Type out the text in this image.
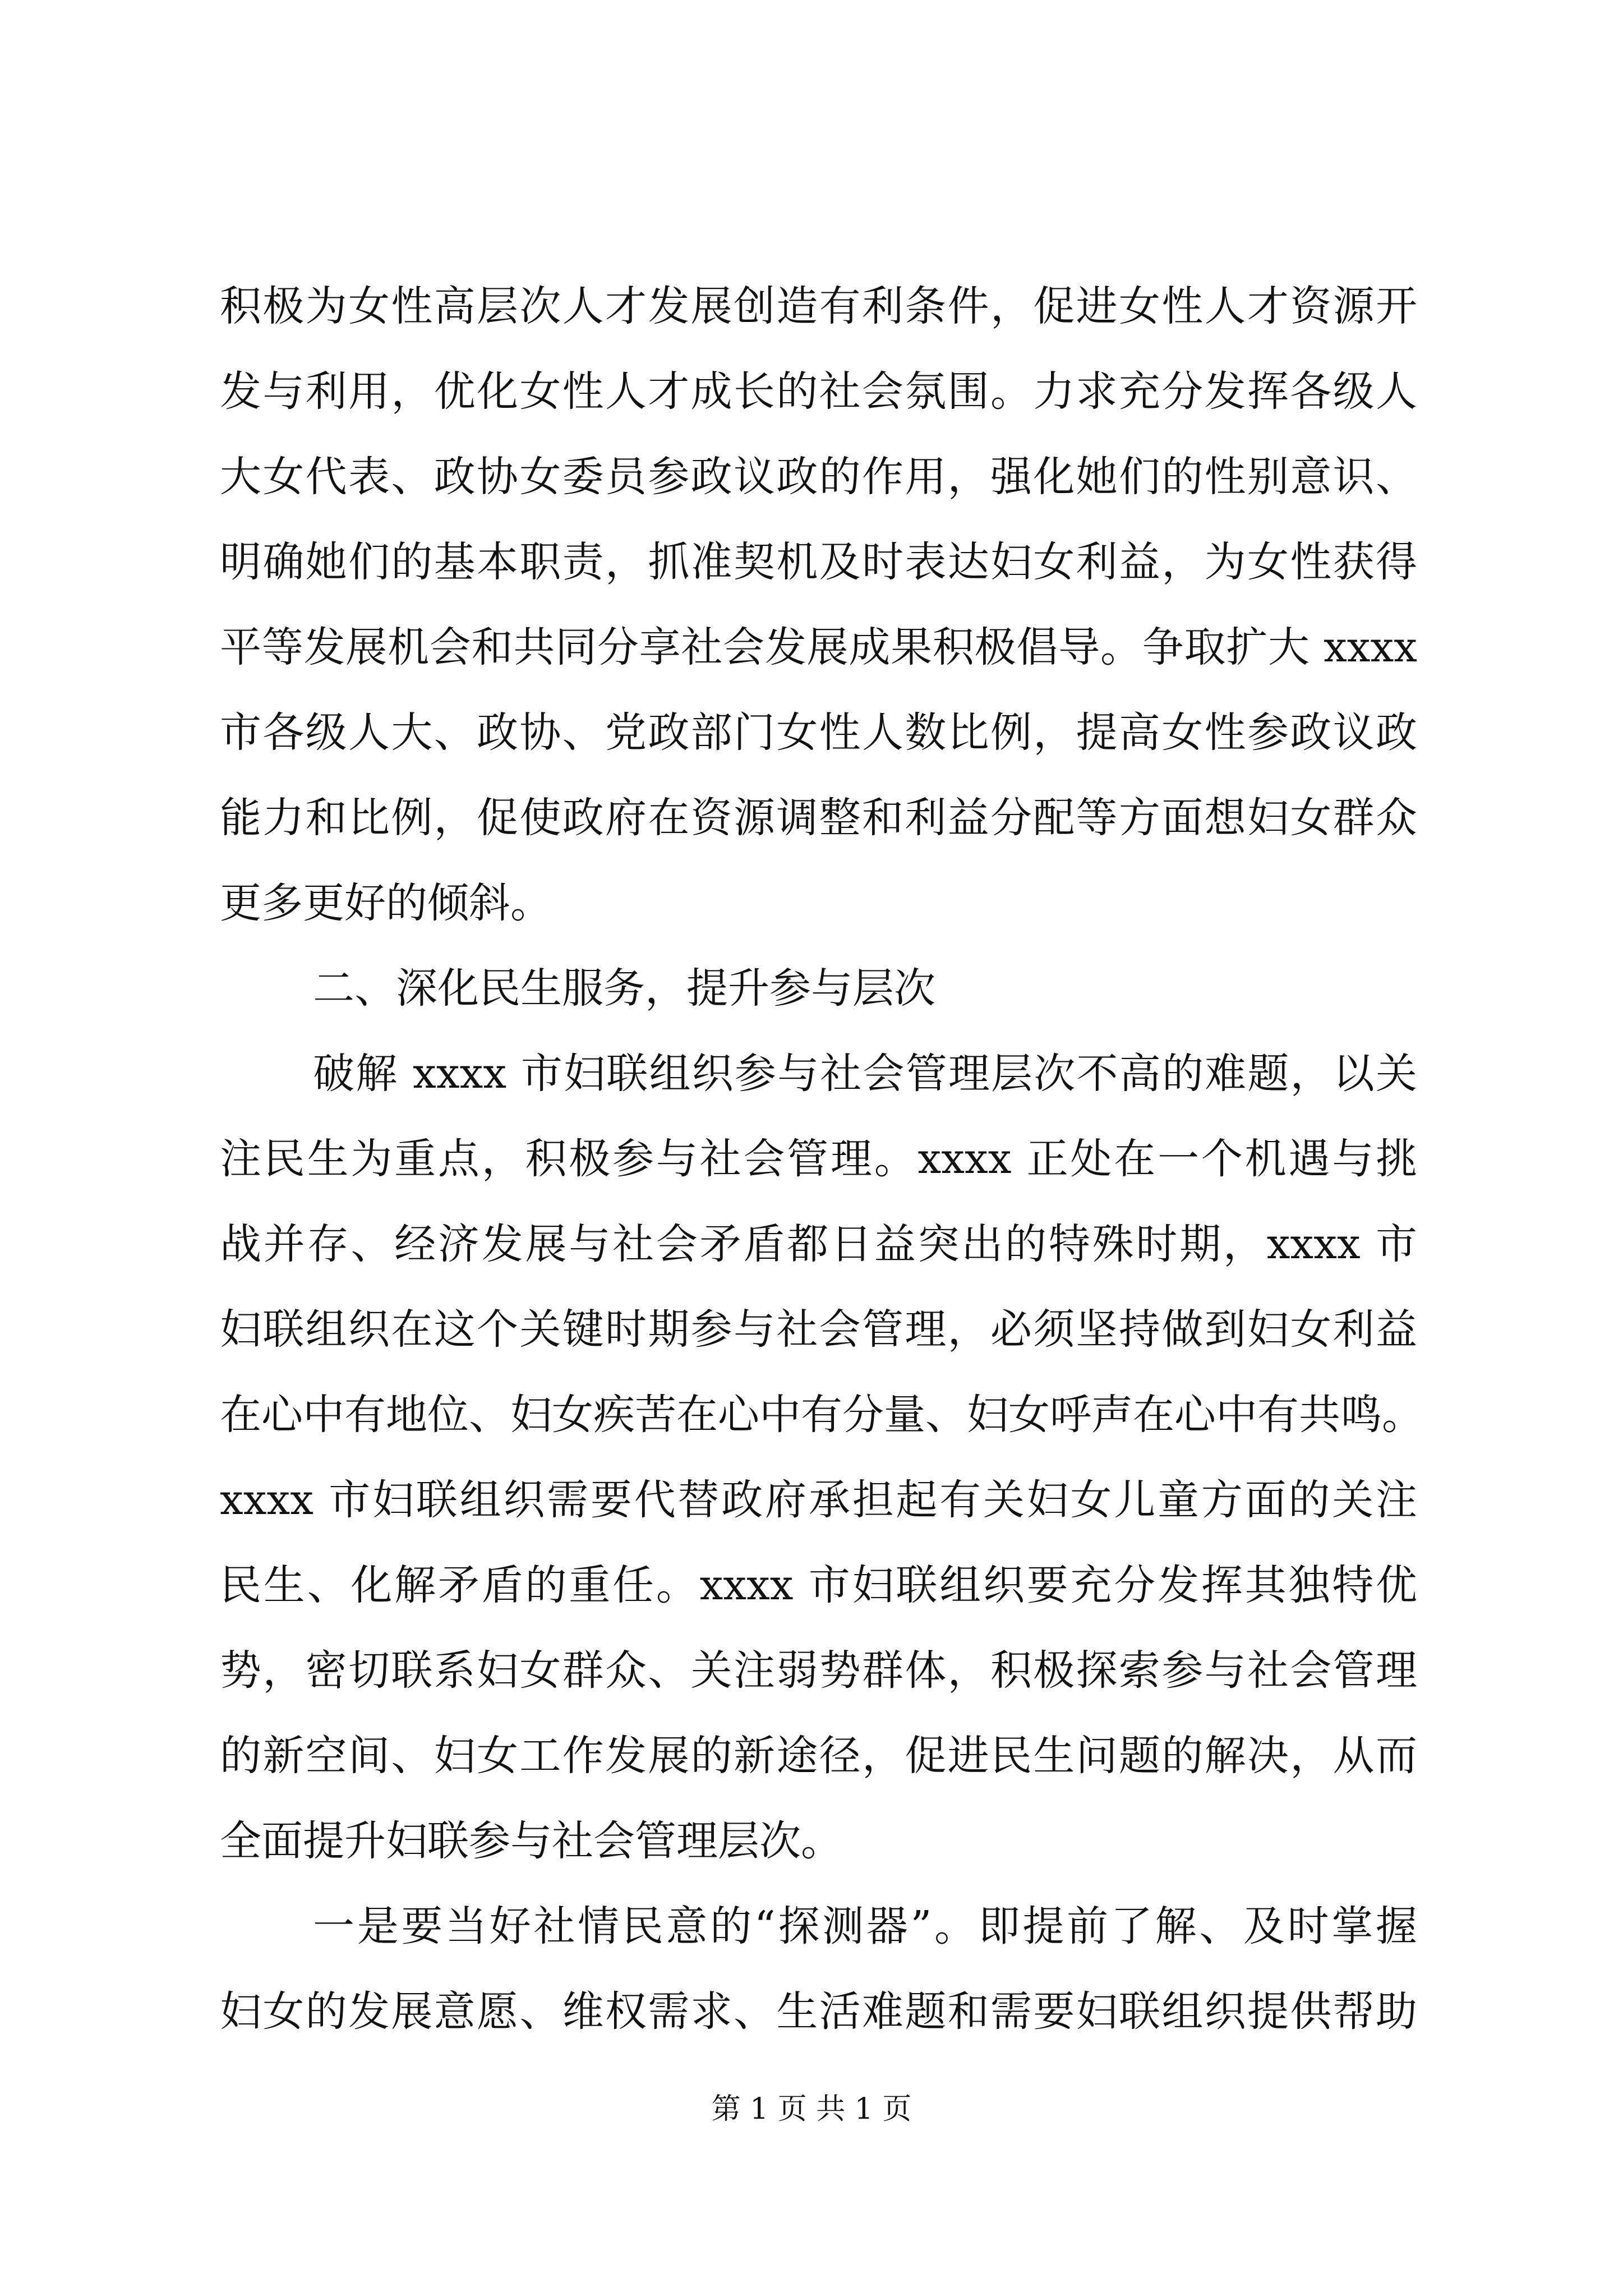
积极为女性高层次人才发展创造有利条件，促进女性人才资源开
发与利用，优化女性人才成长的社会氛围。力求充分发挥各级人
大女代表、政协女委员参政议政的作用，强化她们的性别意识、
明确她们的基本职责，抓准契机及时表达妇女利益，为女性获得
平等发展机会和共同分享社会发展成果积极倡导。争取扩大 xxxx
市各级人大、政协、党政部门女性人数比例，提高女性参政议政
能力和比例，促使政府在资源调整和利益分配等方面想妇女群众
更多更好的倾斜。
二、深化民生服务，提升参与层次
破解 xxxx 市妇联组织参与社会管理层次不高的难题，以关
注民生为重点，积极参与社会管理。xxxx 正处在一个机遇与挑
战并存、经济发展与社会矛盾都日益突出的特殊时期，xxxx 市
妇联组织在这个关键时期参与社会管理，必须坚持做到妇女利益
在心中有地位、妇女疾苦在心中有分量、妇女呼声在心中有共鸣。
xxxx 市妇联组织需要代替政府承担起有关妇女儿童方面的关注
民生、化解矛盾的重任。xxxx 市妇联组织要充分发挥其独特优
势，密切联系妇女群众、关注弱势群体，积极探索参与社会管理
的新空间、妇女工作发展的新途径，促进民生问题的解决，从而
全面提升妇联参与社会管理层次。
一是要当好社情民意的“探测器”。即提前了解、及时掌握
妇女的发展意愿、维权需求、生活难题和需要妇联组织提供帮助
第 1 页 共 1 页
